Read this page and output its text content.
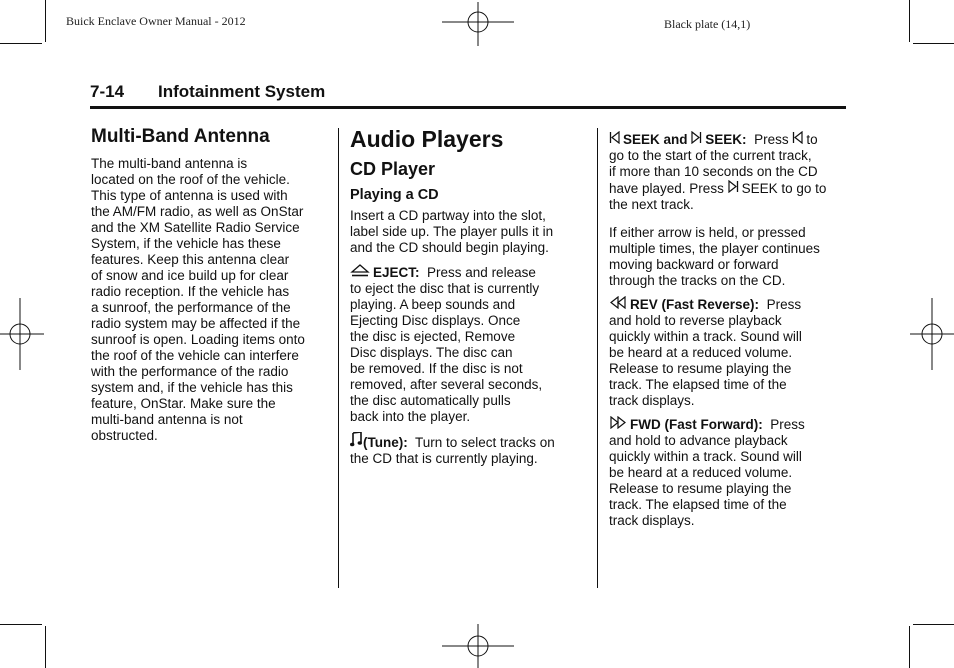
Buick Enclave Owner Manual - 2012	Black plate (14,1)
7-14 Infotainment System
Multi-Band Antenna

The multi-band antenna is
located on the roof of the vehicle.
This type of antenna is used with
the AM/FM radio, as well as OnStar
and the XM Satellite Radio Service
System, if the vehicle has these
features. Keep this antenna clear
of snow and ice build up for clear
radio reception. If the vehicle has
a sunroof, the performance of the
radio system may be affected if the
sunroof is open. Loading items onto
the roof of the vehicle can interfere
with the performance of the radio
system and, if the vehicle has this
feature, OnStar. Make sure the
multi-band antenna is not
obstructed.

Audio Players
CD Player
Playing a CD

Insert a CD partway into the slot,
label side up. The player pulls it in
and the CD should begin playing.

EJECT: Press and release
to eject the disc that is currently
playing. A beep sounds and
Ejecting Disc displays. Once
the disc is ejected, Remove
Disc displays. The disc can
be removed. If the disc is not
removed, after several seconds,
the disc automatically pulls
back into the player.

(Tune): Turn to select tracks on
the CD that is currently playing.

SEEK and SEEK: Press to
go to the start of the current track,
if more than 10 seconds on the CD
have played. Press SEEK to go to
the next track.

If either arrow is held, or pressed
multiple times, the player continues
moving backward or forward
through the tracks on the CD.

REV (Fast Reverse): Press
and hold to reverse playback
quickly within a track. Sound will
be heard at a reduced volume.
Release to resume playing the
track. The elapsed time of the
track displays.

FWD (Fast Forward): Press
and hold to advance playback
quickly within a track. Sound will
be heard at a reduced volume.
Release to resume playing the
track. The elapsed time of the
track displays.
